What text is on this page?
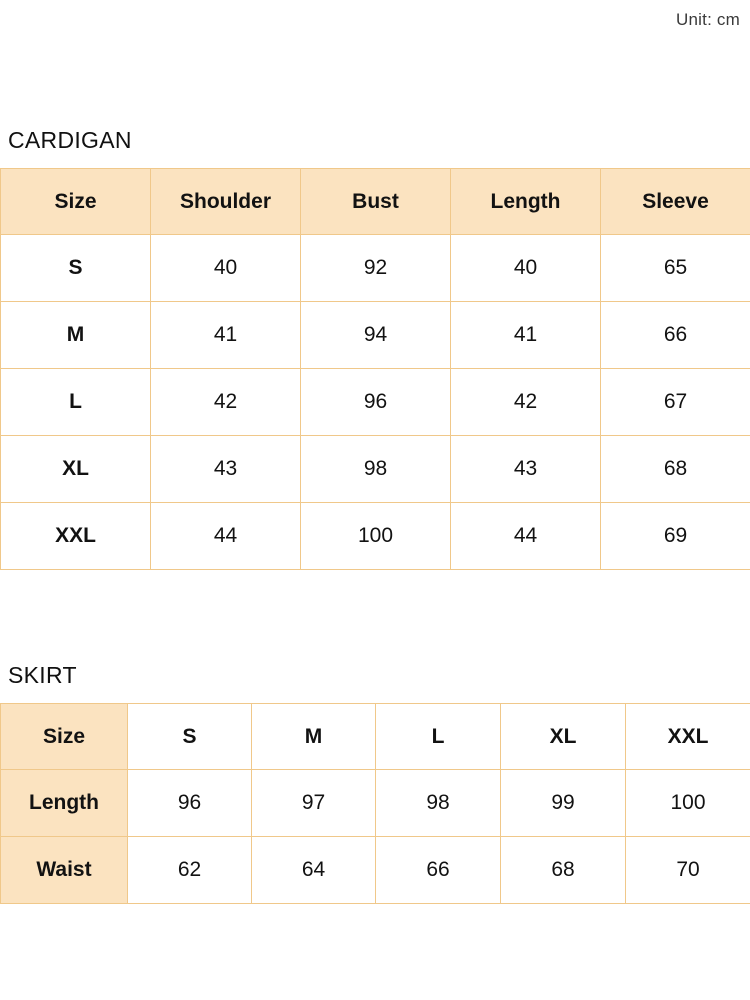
Unit: cm
CARDIGAN
Size	Shoulder	Bust	Length	Sleeve
S	40	92	40	65
M	41	94	41	66
L	42	96	42	67
XL	43	98	43	68
XXL	44	100	44	69
SKIRT
Size	S	M	L	XL	XXL
Length	96	97	98	99	100
Waist	62	64	66	68	70
